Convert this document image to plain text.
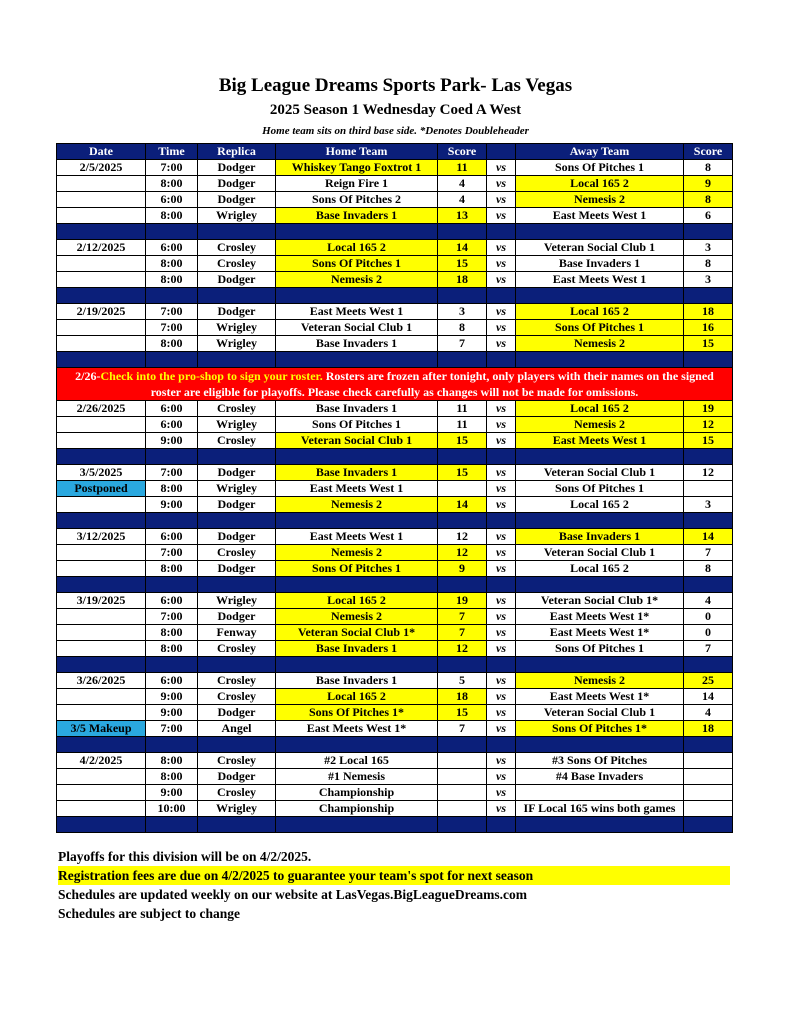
Big League Dreams Sports Park- Las Vegas
2025 Season 1 Wednesday Coed A West
Home team sits on third base side. *Denotes Doubleheader
Date	Time	Replica	Home Team	Score		Away Team	Score
2/5/2025	7:00	Dodger	Whiskey Tango Foxtrot 1	11	vs	Sons Of Pitches 1	8
	8:00	Dodger	Reign Fire 1	4	vs	Local 165 2	9
	6:00	Dodger	Sons Of Pitches 2	4	vs	Nemesis 2	8
	8:00	Wrigley	Base Invaders 1	13	vs	East Meets West 1	6

2/12/2025	6:00	Crosley	Local 165 2	14	vs	Veteran Social Club 1	3
	8:00	Crosley	Sons Of Pitches 1	15	vs	Base Invaders 1	8
	8:00	Dodger	Nemesis 2	18	vs	East Meets West 1	3

2/19/2025	7:00	Dodger	East Meets West 1	3	vs	Local 165 2	18
	7:00	Wrigley	Veteran Social Club 1	8	vs	Sons Of Pitches 1	16
	8:00	Wrigley	Base Invaders 1	7	vs	Nemesis 2	15

2/26-Check into the pro-shop to sign your roster. Rosters are frozen after tonight, only players with their names on the signed roster are eligible for playoffs. Please check carefully as changes will not be made for omissions.							
2/26/2025	6:00	Crosley	Base Invaders 1	11	vs	Local 165 2	19
	6:00	Wrigley	Sons Of Pitches 1	11	vs	Nemesis 2	12
	9:00	Crosley	Veteran Social Club 1	15	vs	East Meets West 1	15

3/5/2025	7:00	Dodger	Base Invaders 1	15	vs	Veteran Social Club 1	12
Postponed	8:00	Wrigley	East Meets West 1		vs	Sons Of Pitches 1	
	9:00	Dodger	Nemesis 2	14	vs	Local 165 2	3

3/12/2025	6:00	Dodger	East Meets West 1	12	vs	Base Invaders 1	14
	7:00	Crosley	Nemesis 2	12	vs	Veteran Social Club 1	7
	8:00	Dodger	Sons Of Pitches 1	9	vs	Local 165 2	8

3/19/2025	6:00	Wrigley	Local 165 2	19	vs	Veteran Social Club 1*	4
	7:00	Dodger	Nemesis 2	7	vs	East Meets West 1*	0
	8:00	Fenway	Veteran Social Club 1*	7	vs	East Meets West 1*	0
	8:00	Crosley	Base Invaders 1	12	vs	Sons Of Pitches 1	7

3/26/2025	6:00	Crosley	Base Invaders 1	5	vs	Nemesis 2	25
	9:00	Crosley	Local 165 2	18	vs	East Meets West 1*	14
	9:00	Dodger	Sons Of Pitches 1*	15	vs	Veteran Social Club 1	4
3/5 Makeup	7:00	Angel	East Meets West 1*	7	vs	Sons Of Pitches 1*	18

4/2/2025	8:00	Crosley	#2 Local 165		vs	#3 Sons Of Pitches	
	8:00	Dodger	#1 Nemesis		vs	#4 Base Invaders	
	9:00	Crosley	Championship		vs		
	10:00	Wrigley	Championship		vs	IF Local 165 wins both games	

Playoffs for this division will be on 4/2/2025.
Registration fees are due on 4/2/2025 to guarantee your team's spot for next season
Schedules are updated weekly on our website at LasVegas.BigLeagueDreams.com
Schedules are subject to change
